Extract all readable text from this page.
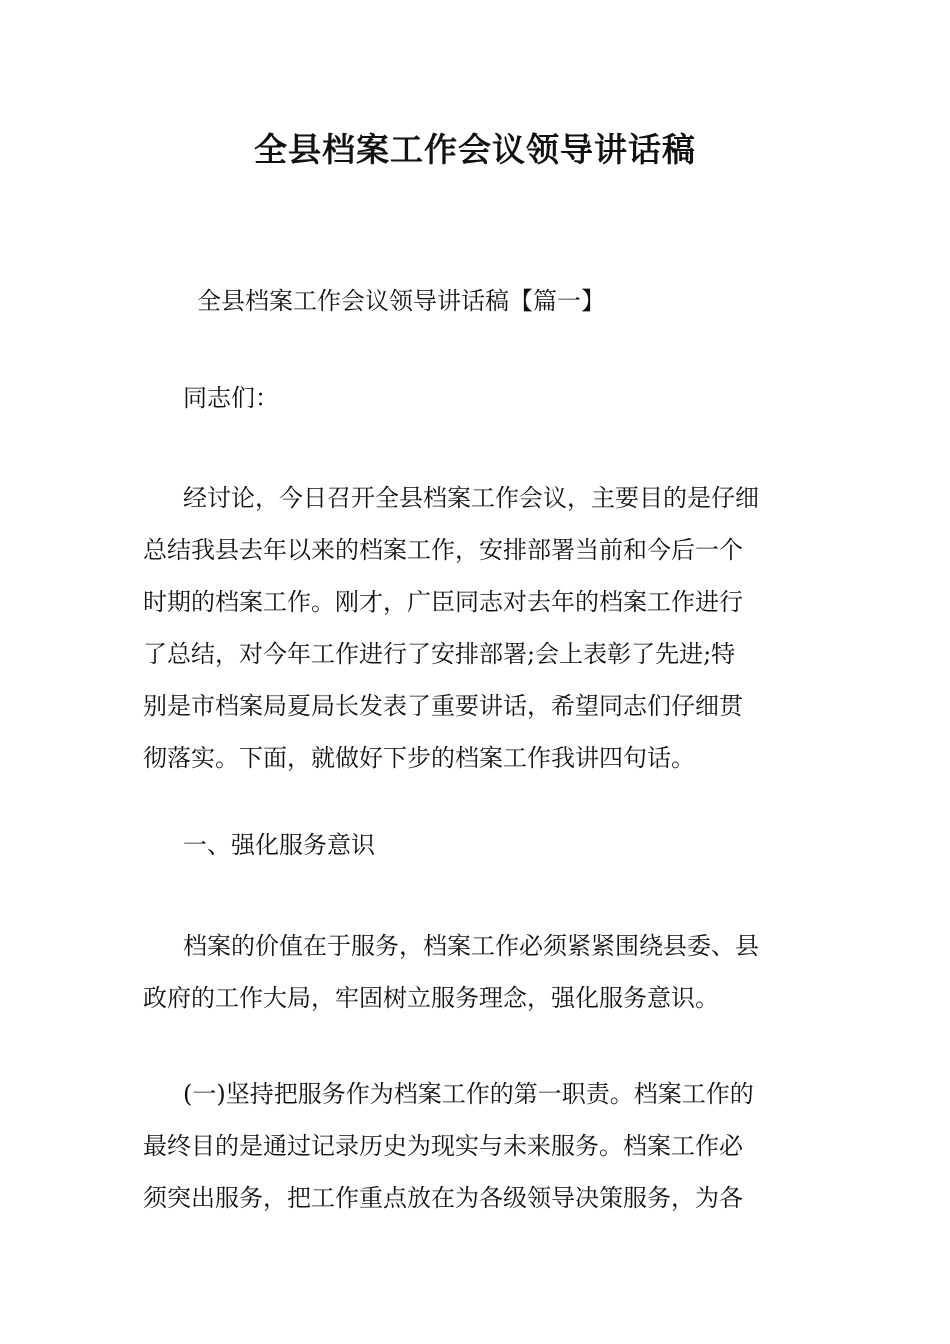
全县档案工作会议领导讲话稿
全县档案工作会议领导讲话稿【篇一】
同志们：
经讨论，今日召开全县档案工作会议，主要目的是仔细
总结我县去年以来的档案工作，安排部署当前和今后一个
时期的档案工作。刚才，广臣同志对去年的档案工作进行
了总结，对今年工作进行了安排部署;会上表彰了先进;特
别是市档案局夏局长发表了重要讲话，希望同志们仔细贯
彻落实。下面，就做好下步的档案工作我讲四句话。
一、强化服务意识
档案的价值在于服务，档案工作必须紧紧围绕县委、县
政府的工作大局，牢固树立服务理念，强化服务意识。
(一)坚持把服务作为档案工作的第一职责。档案工作的
最终目的是通过记录历史为现实与未来服务。档案工作必
须突出服务，把工作重点放在为各级领导决策服务，为各
